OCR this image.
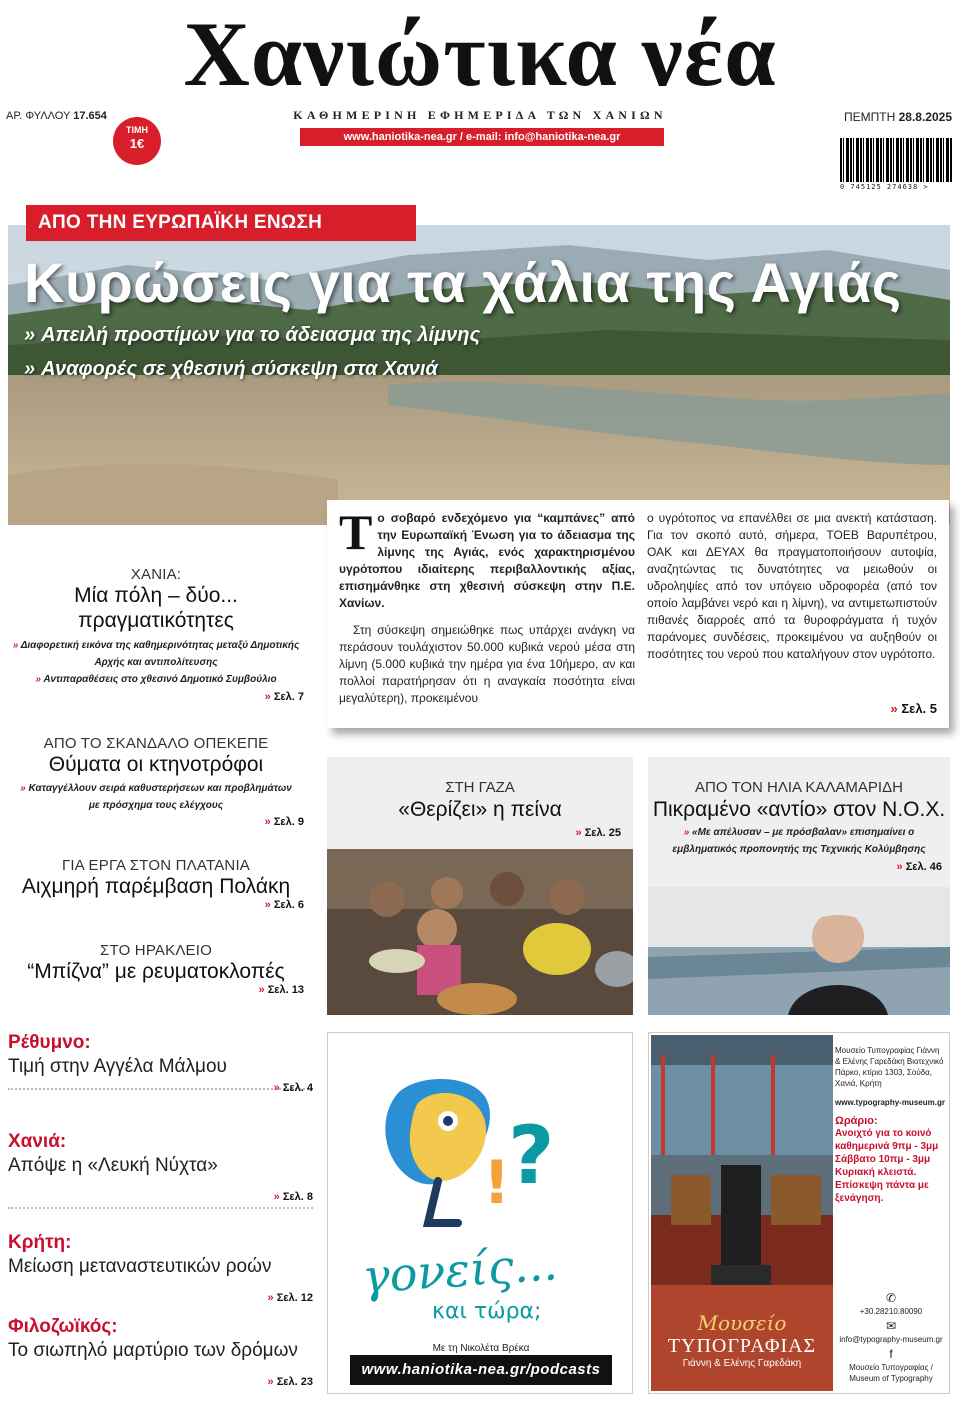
Χανιώτικα νέα
ΑΡ. ΦΥΛΛΟΥ 17.654	ΚΑΘΗΜΕΡΙΝΗ ΕΦΗΜΕΡΙΔΑ ΤΩΝ ΧΑΝΙΩΝ	ΠΕΜΠΤΗ 28.8.2025
ΤΙΜΗ
1€	www.haniotika-nea.gr / e-mail: info@haniotika-nea.gr
0 745125 274638 >
ΑΠΟ ΤΗΝ ΕΥΡΩΠΑΪΚΗ ΕΝΩΣΗ
Κυρώσεις για τα χάλια της Αγιάς
» Απειλή προστίμων για το άδειασμα της λίμνης
» Αναφορές σε χθεσινή σύσκεψη στα Χανιά

Το σοβαρό ενδεχόμενο για “καμπάνες” από την Ευρωπαϊκή Ένωση για το άδειασμα της λίμνης της Αγιάς, ενός χαρακτηρισμένου υγρότοπου ιδιαίτερης περιβαλλοντικής αξίας, επισημάνθηκε στη χθεσινή σύσκεψη στην Π.Ε. Χανίων.

Στη σύσκεψη σημειώθηκε πως υπάρχει ανάγκη να περάσουν τουλάχιστον 50.000 κυβικά νερού μέσα στη λίμνη (5.000 κυβικά την ημέρα για ένα 10ήμερο, αν και πολλοί παρατήρησαν ότι η αναγκαία ποσότητα είναι μεγαλύτερη), προκειμένου

ο υγρότοπος να επανέλθει σε μια ανεκτή κατάσταση. Για τον σκοπό αυτό, σήμερα, ΤΟΕΒ Βαρυπέτρου, ΟΑΚ και ΔΕΥΑΧ θα πραγματοποιήσουν αυτοψία, αναζητώντας τις δυνατότητες να μειωθούν οι υδροληψίες από τον υπόγειο υδροφορέα (από τον οποίο λαμβάνει νερό και η λίμνη), να αντιμετωπιστούν πιθανές διαρροές από τα θυροφράγματα ή τυχόν παράνομες συνδέσεις, προκειμένου να αυξηθούν οι ποσότητες του νερού που καταλήγουν στον υγρότοπο.

» Σελ. 5
ΧΑΝΙΑ:
Μία πόλη – δύο... πραγματικότητες
» Διαφορετική εικόνα της καθημερινότητας μεταξύ Δημοτικής Αρχής και αντιπολίτευσης
» Αντιπαραθέσεις στο χθεσινό Δημοτικό Συμβούλιο
» Σελ. 7
ΑΠΟ ΤΟ ΣΚΑΝΔΑΛΟ ΟΠΕΚΕΠΕ
Θύματα οι κτηνοτρόφοι
» Καταγγέλλουν σειρά καθυστερήσεων και προβλημάτων με πρόσχημα τους ελέγχους
» Σελ. 9
ΓΙΑ ΕΡΓΑ ΣΤΟΝ ΠΛΑΤΑΝΙΑ
Αιχμηρή παρέμβαση Πολάκη
» Σελ. 6
ΣΤΟ ΗΡΑΚΛΕΙΟ
“Μπίζνα” με ρευματοκλοπές
» Σελ. 13
ΣΤΗ ΓΑΖΑ
«Θερίζει» η πείνα
» Σελ. 25
ΑΠΟ ΤΟΝ ΗΛΙΑ ΚΑΛΑΜΑΡΙΔΗ
Πικραμένο «αντίο» στον Ν.Ο.Χ.
» «Με απέλυσαν – με πρόσβαλαν» επισημαίνει ο εμβληματικός προπονητής της Τεχνικής Κολύμβησης
» Σελ. 46
Ρέθυμνο:
Τιμή στην Αγγέλα Μάλμου
» Σελ. 4
Χανιά:
Απόψε η «Λευκή Νύχτα»
» Σελ. 8
Κρήτη:
Μείωση μεταναστευτικών ροών
» Σελ. 12
Φιλοζωϊκός:
Το σιωπηλό μαρτύριο των δρόμων
» Σελ. 23
?
!
γονείς...
και τώρα;
Με τη Νικολέτα Βρέκα
www.haniotika-nea.gr/podcasts
Μουσείο
ΤΥΠΟΓΡΑΦΙΑΣ
Γιάννη & Ελένης Γαρεδάκη
Μουσείο Τυπογραφίας Γιάννη & Ελένης Γαρεδάκη Βιοτεχνικό Πάρκο, κτίριο 1303, Σούδα, Χανιά, Κρήτη
www.typography-museum.gr
Ωράριο:
Ανοιχτό για το κοινό καθημερινά 9πμ - 3μμ Σάββατο 10πμ - 3μμ Κυριακή κλειστά. Επίσκεψη πάντα με ξενάγηση.
✆
+30.28210.80090
✉
info@typography-museum.gr
f
Μουσείο Τυπογραφίας / Museum of Typography
